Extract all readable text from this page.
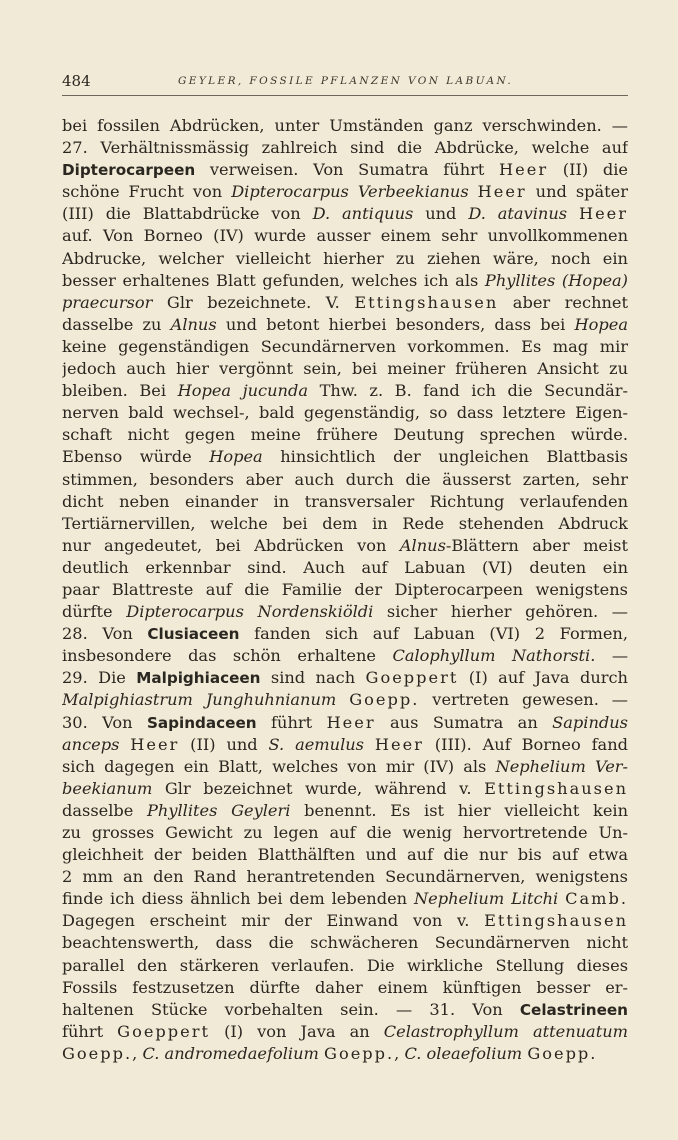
484	GEYLER, FOSSILE PFLANZEN VON LABUAN.
bei fossilen Abdrücken, unter Umständen ganz verschwinden. —
27. Verhältnissmässig zahlreich sind die Abdrücke, welche auf
Dipterocarpeen verweisen. Von Sumatra führt Heer (II) die
schöne Frucht von Dipterocarpus Verbeekianus Heer und später
(III) die Blattabdrücke von D. antiquus und D. atavinus Heer
auf. Von Borneo (IV) wurde ausser einem sehr unvollkommenen
Abdrucke, welcher vielleicht hierher zu ziehen wäre, noch ein
besser erhaltenes Blatt gefunden, welches ich als Phyllites (Hopea)
praecursor Glr bezeichnete. V. Ettingshausen aber rechnet
dasselbe zu Alnus und betont hierbei besonders, dass bei Hopea
keine gegenständigen Secundärnerven vorkommen. Es mag mir
jedoch auch hier vergönnt sein, bei meiner früheren Ansicht zu
bleiben. Bei Hopea jucunda Thw. z. B. fand ich die Secundär-
nerven bald wechsel-, bald gegenständig, so dass letztere Eigen-
schaft nicht gegen meine frühere Deutung sprechen würde.
Ebenso würde Hopea hinsichtlich der ungleichen Blattbasis
stimmen, besonders aber auch durch die äusserst zarten, sehr
dicht neben einander in transversaler Richtung verlaufenden
Tertiärnervillen, welche bei dem in Rede stehenden Abdruck
nur angedeutet, bei Abdrücken von Alnus-Blättern aber meist
deutlich erkennbar sind. Auch auf Labuan (VI) deuten ein
paar Blattreste auf die Familie der Dipterocarpeen wenigstens
dürfte Dipterocarpus Nordenskiöldi sicher hierher gehören. —
28. Von Clusiaceen fanden sich auf Labuan (VI) 2 Formen,
insbesondere das schön erhaltene Calophyllum Nathorsti. —
29. Die Malpighiaceen sind nach Goeppert (I) auf Java durch
Malpighiastrum Junghuhnianum Goepp. vertreten gewesen. —
30. Von Sapindaceen führt Heer aus Sumatra an Sapindus
anceps Heer (II) und S. aemulus Heer (III). Auf Borneo fand
sich dagegen ein Blatt, welches von mir (IV) als Nephelium Ver-
beekianum Glr bezeichnet wurde, während v. Ettingshausen
dasselbe Phyllites Geyleri benennt. Es ist hier vielleicht kein
zu grosses Gewicht zu legen auf die wenig hervortretende Un-
gleichheit der beiden Blatthälften und auf die nur bis auf etwa
2 mm an den Rand herantretenden Secundärnerven, wenigstens
finde ich diess ähnlich bei dem lebenden Nephelium Litchi Camb.
Dagegen erscheint mir der Einwand von v. Ettingshausen
beachtenswerth, dass die schwächeren Secundärnerven nicht
parallel den stärkeren verlaufen. Die wirkliche Stellung dieses
Fossils festzusetzen dürfte daher einem künftigen besser er-
haltenen Stücke vorbehalten sein. — 31. Von Celastrineen
führt Goeppert (I) von Java an Celastrophyllum attenuatum
Goepp., C. andromedaefolium Goepp., C. oleaefolium Goepp.
